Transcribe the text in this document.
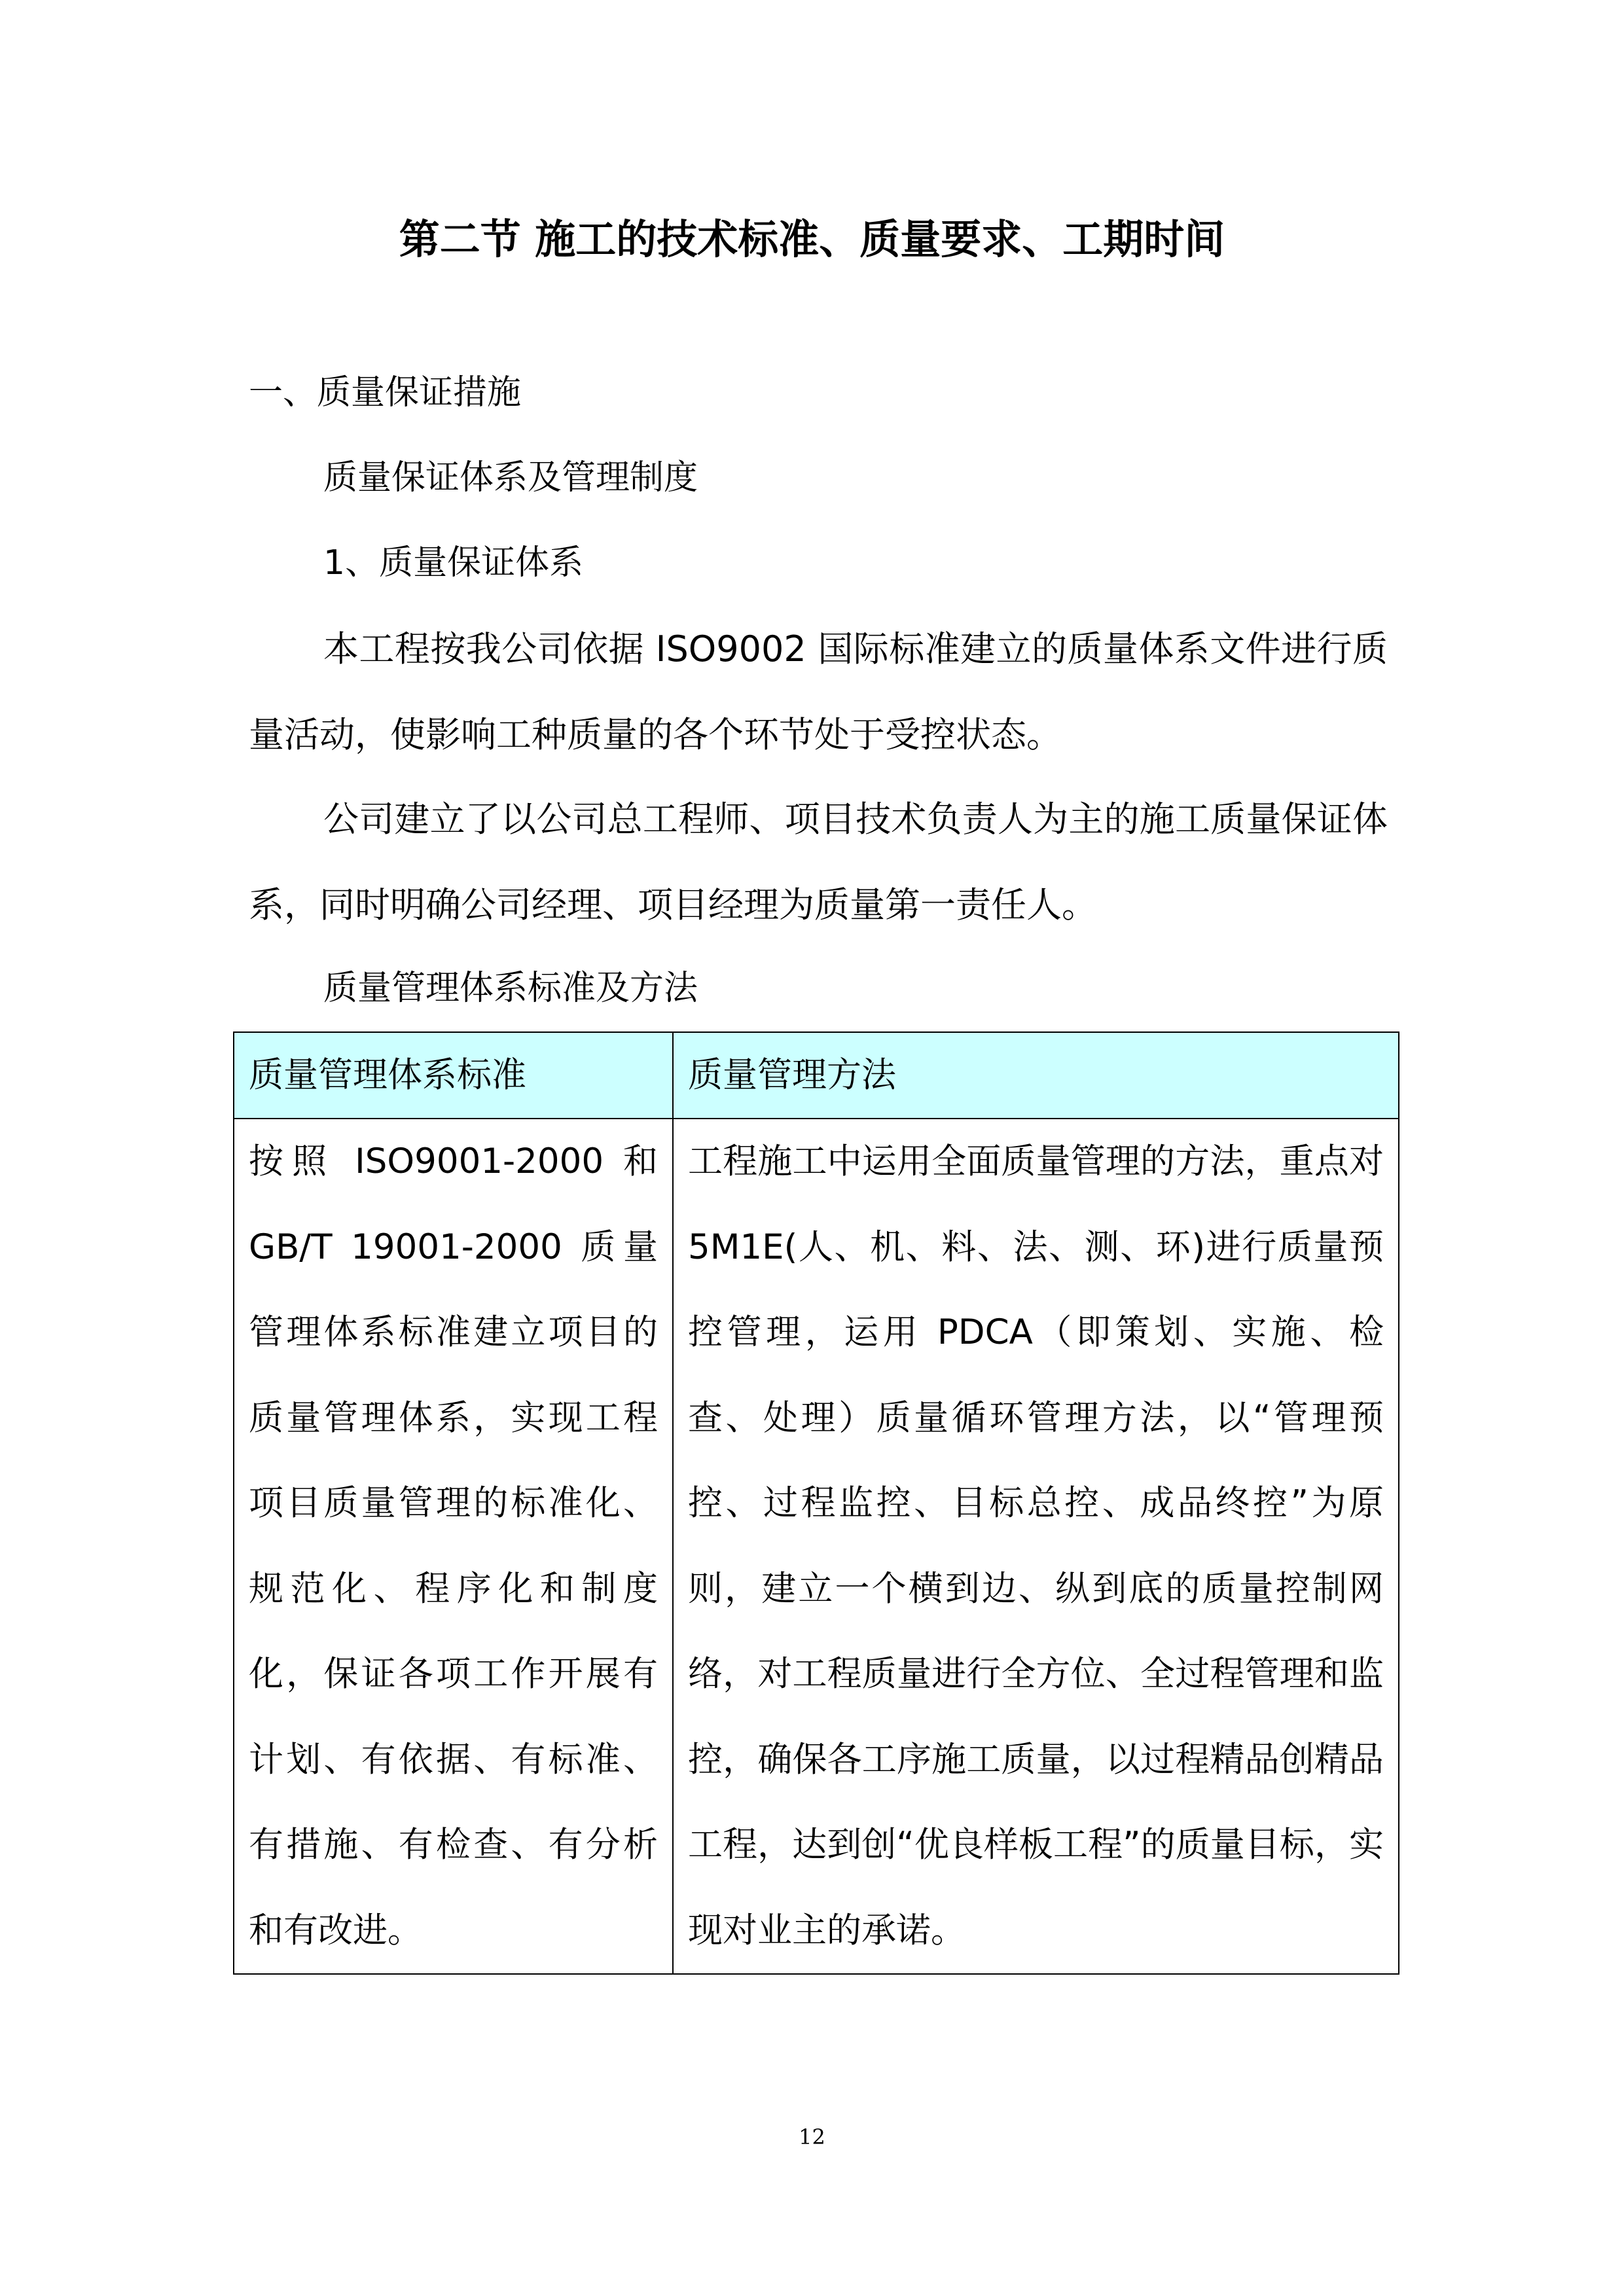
第二节 施工的技术标准、质量要求、工期时间
一、质量保证措施
质量保证体系及管理制度
1、质量保证体系

本工程按我公司依据 ISO9002 国际标准建立的质量体系文件进行质量活动，使影响工种质量的各个环节处于受控状态。

公司建立了以公司总工程师、项目技术负责人为主的施工质量保证体系，同时明确公司经理、项目经理为质量第一责任人。

质量管理体系标准及方法
质量管理体系标准	质量管理方法
按照 ISO9001-2000 和 GB/T 19001-2000 质量管理体系标准建立项目的质量管理体系，实现工程项目质量管理的标准化、规范化、程序化和制度化，保证各项工作开展有计划、有依据、有标准、有措施、有检查、有分析和有改进。	工程施工中运用全面质量管理的方法，重点对 5M1E(人、机、料、法、测、环)进行质量预控管理，运用 PDCA（即策划、实施、检查、处理）质量循环管理方法，以“管理预控、过程监控、目标总控、成品终控”为原则，建立一个横到边、纵到底的质量控制网络，对工程质量进行全方位、全过程管理和监控，确保各工序施工质量，以过程精品创精品工程，达到创“优良样板工程”的质量目标，实现对业主的承诺。
12
